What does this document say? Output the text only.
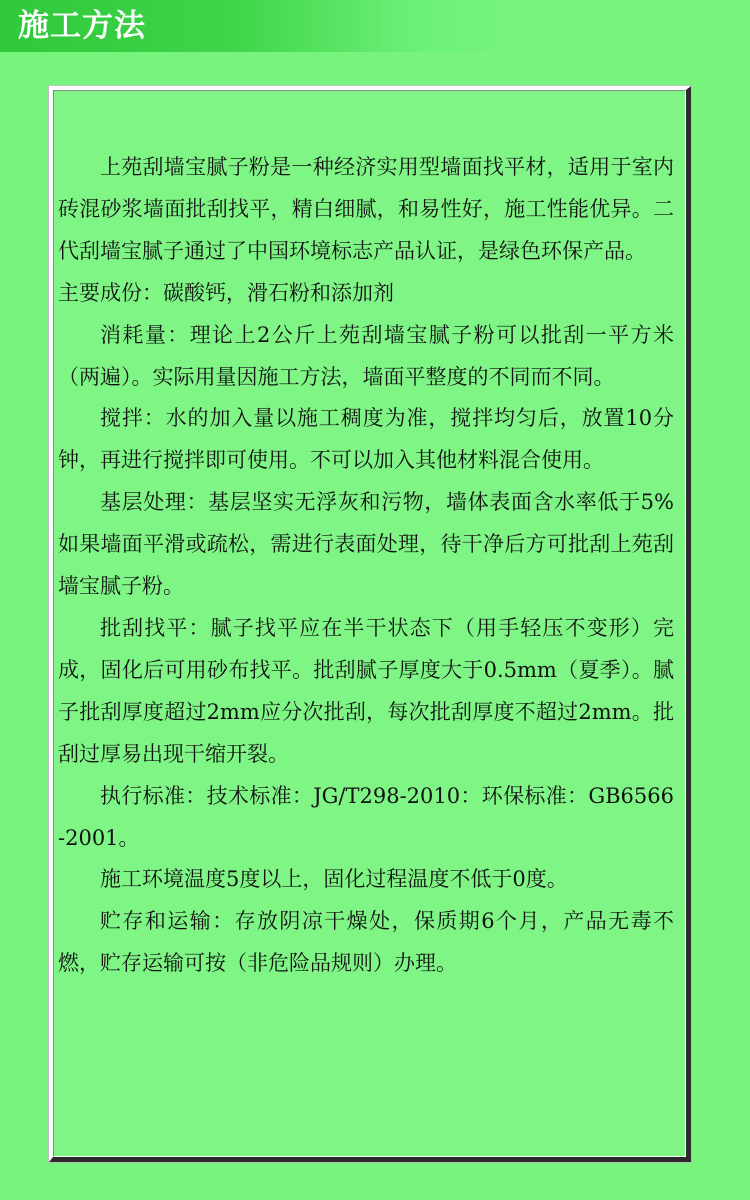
施工方法

上苑刮墙宝腻子粉是一种经济实用型墙面找平材，适用于室内砖混砂浆墙面批刮找平，精白细腻，和易性好，施工性能优异。二代刮墙宝腻子通过了中国环境标志产品认证，是绿色环保产品。

主要成份：碳酸钙，滑石粉和添加剂

消耗量：理论上2公斤上苑刮墙宝腻子粉可以批刮一平方米（两遍）。实际用量因施工方法，墙面平整度的不同而不同。

搅拌：水的加入量以施工稠度为准，搅拌均匀后，放置10分钟，再进行搅拌即可使用。不可以加入其他材料混合使用。

基层处理：基层坚实无浮灰和污物，墙体表面含水率低于5%如果墙面平滑或疏松，需进行表面处理，待干净后方可批刮上苑刮墙宝腻子粉。

批刮找平：腻子找平应在半干状态下（用手轻压不变形）完成，固化后可用砂布找平。批刮腻子厚度大于0.5mm（夏季）。腻子批刮厚度超过2mm应分次批刮，每次批刮厚度不超过2mm。批刮过厚易出现干缩开裂。

执行标准：技术标准：JG/T298-2010：环保标准：GB6566-2001。

施工环境温度5度以上，固化过程温度不低于0度。

贮存和运输：存放阴凉干燥处，保质期6个月，产品无毒不燃，贮存运输可按（非危险品规则）办理。
